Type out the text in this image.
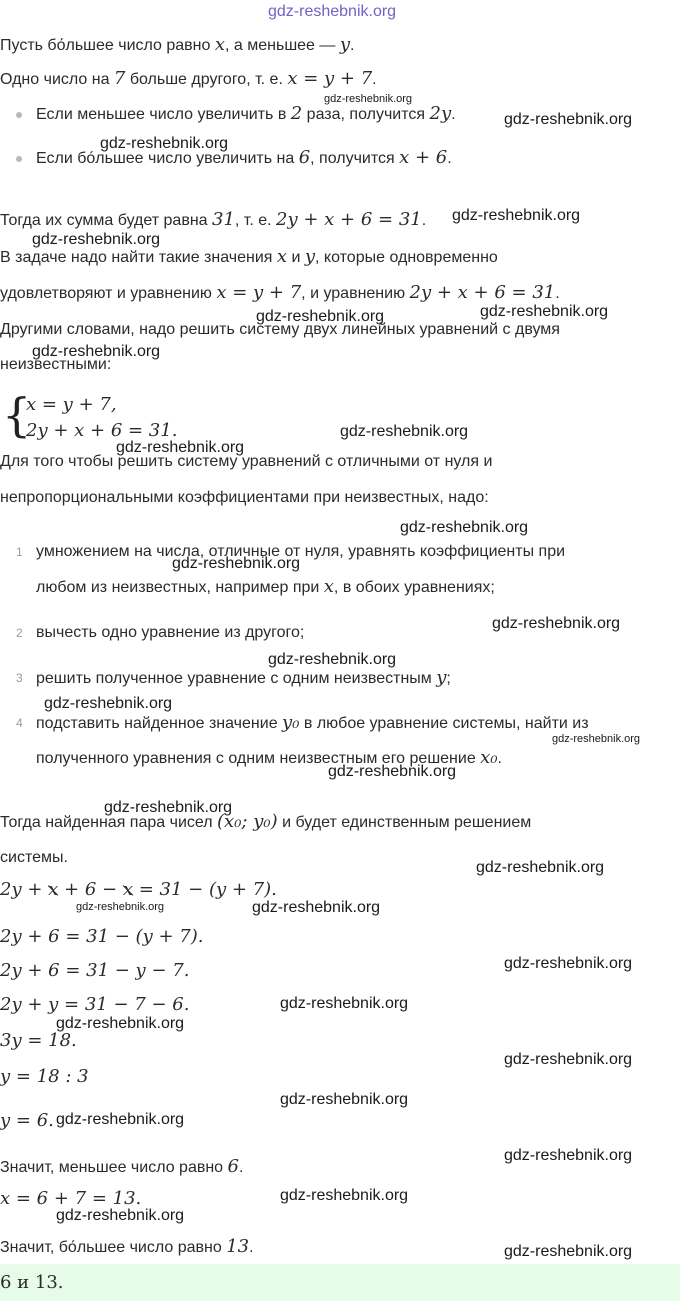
gdz-reshebnik.org
gdz-reshebnik.org
gdz-reshebnik.org
gdz-reshebnik.org
gdz-reshebnik.org
gdz-reshebnik.org
gdz-reshebnik.org	gdz-reshebnik.org
gdz-reshebnik.org
gdz-reshebnik.org
gdz-reshebnik.org
gdz-reshebnik.org
gdz-reshebnik.org
gdz-reshebnik.org
gdz-reshebnik.org
gdz-reshebnik.org
gdz-reshebnik.org
gdz-reshebnik.org
gdz-reshebnik.org
gdz-reshebnik.org
gdz-reshebnik.org	gdz-reshebnik.org
gdz-reshebnik.org
gdz-reshebnik.org
gdz-reshebnik.org
gdz-reshebnik.org
gdz-reshebnik.org
gdz-reshebnik.org
gdz-reshebnik.org
gdz-reshebnik.org
gdz-reshebnik.org
gdz-reshebnik.org
Пусть бо́льшее число равно x, а меньшее — y.
Одно число на 7 больше другого, т. е. x = y + 7.
Если меньшее число увеличить в 2 раза, получится 2y.
Если бо́льшее число увеличить на 6, получится x + 6.
Тогда их сумма будет равна 31, т. е. 2y + x + 6 = 31.
В задаче надо найти такие значения x и y, которые одновременно
удовлетворяют и уравнению x = y + 7, и уравнению 2y + x + 6 = 31.
Другими словами, надо решить систему двух линейных уравнений с двумя
неизвестными:
{
x = y + 7,
2y + x + 6 = 31.
Для того чтобы решить систему уравнений с отличными от нуля и
непропорциональными коэффициентами при неизвестных, надо:
1 умножением на числа, отличные от нуля, уравнять коэффициенты при
любом из неизвестных, например при x, в обоих уравнениях;
2 вычесть одно уравнение из другого;
3 решить полученное уравнение с одним неизвестным y;
4 подставить найденное значение y₀ в любое уравнение системы, найти из
полученного уравнения с одним неизвестным его решение x₀.
Тогда найденная пара чисел (x₀; y₀) и будет единственным решением
системы.
2y + x + 6 − x = 31 − (y + 7).
2y + 6 = 31 − (y + 7).
2y + 6 = 31 − y − 7.
2y + y = 31 − 7 − 6.
3y = 18.
y = 18 : 3
y = 6.
Значит, меньшее число равно 6.
x = 6 + 7 = 13.
Значит, бо́льшее число равно 13.
6 и 13.
